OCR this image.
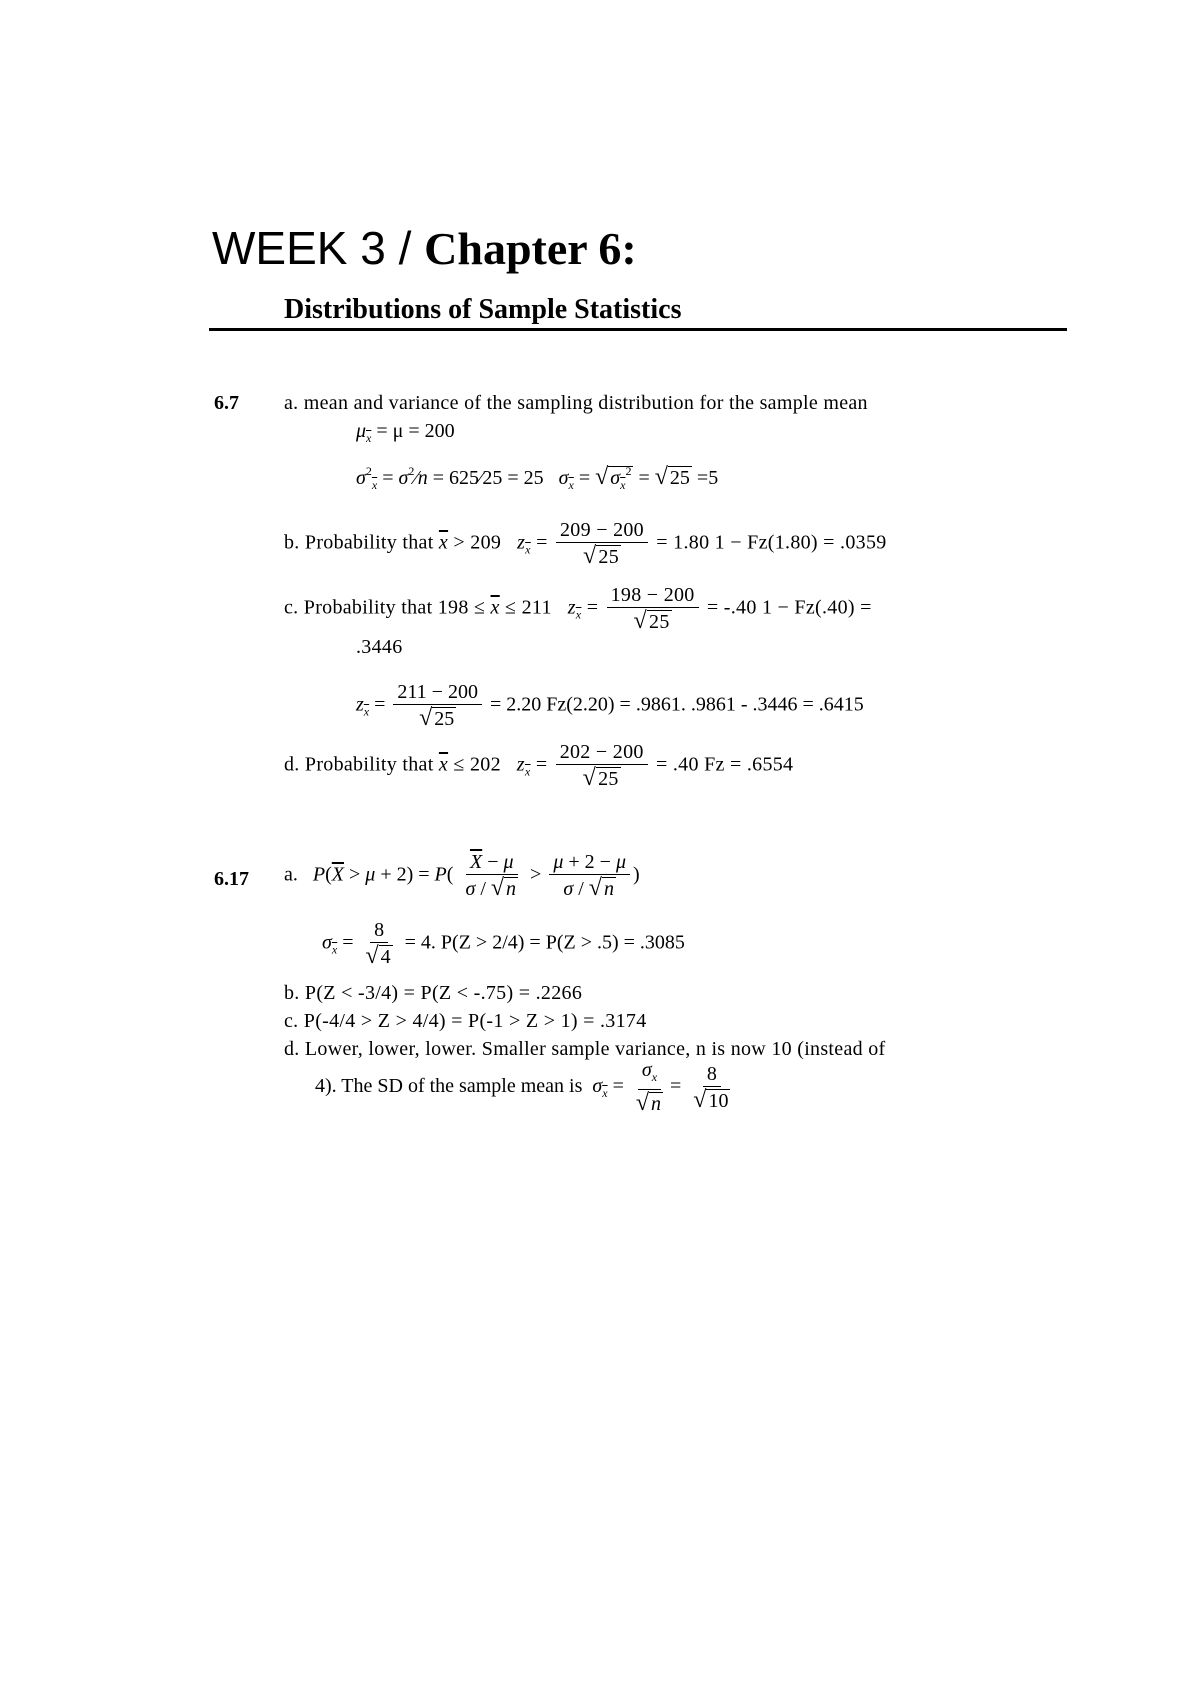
WEEK 3 / Chapter 6:
Distributions of Sample Statistics
6.7 a. mean and variance of the sampling distribution for the sample mean
$\mu_{\overline{x}} = \mu = 200$
$\sigma^2_{\overline{x}}$ = $\sigma^2⁄n$ = 625⁄25 = 25 $\sigma_{\overline{x}}$ = √ $\sigma_{\overline{x}}^2$ = √ 25 =5
b. Probability that $\overline{x} > 209$ $z_{\overline{x}} = \frac{209 - 200}{√ 25} = 1.80$ 1 − Fz(1.80) = .0359
c. Probability that $198 \le \overline{x} \le 211$ $z_{\overline{x}} = \frac{198 - 200}{√ 25} = -.40$ 1 − Fz(.40) =
.3446
$z_{\overline{x}} = \frac{211 - 200}{√ 25} = 2.20$ Fz(2.20) = .9861. .9861 - .3446 = .6415
d. Probability that $\overline{x} \le 202$ $z_{\overline{x}} = \frac{202 - 200}{√ 25} = .40$ Fz = .6554
6.17 a. $P(\overline{X} > \mu + 2) = P( \frac{\overline{X} - \mu}{\sigma / √ n} > \frac{\mu + 2 - \mu}{\sigma / √ n}$ )
$\sigma_{\overline{x}} = \frac{8}{√ 4} = 4$. P(Z > 2/4) = P(Z > .5) = .3085
b. P(Z < -3/4) = P(Z < -.75) = .2266
c. P(-4/4 > Z > 4/4) = P(-1 > Z > 1) = .3174
d. Lower, lower, lower. Smaller sample variance, n is now 10 (instead of
4). The SD of the sample mean is $\sigma_{\overline{x}} = \frac{\sigma_x}{√ n} = \frac{8}{√ 10}$
